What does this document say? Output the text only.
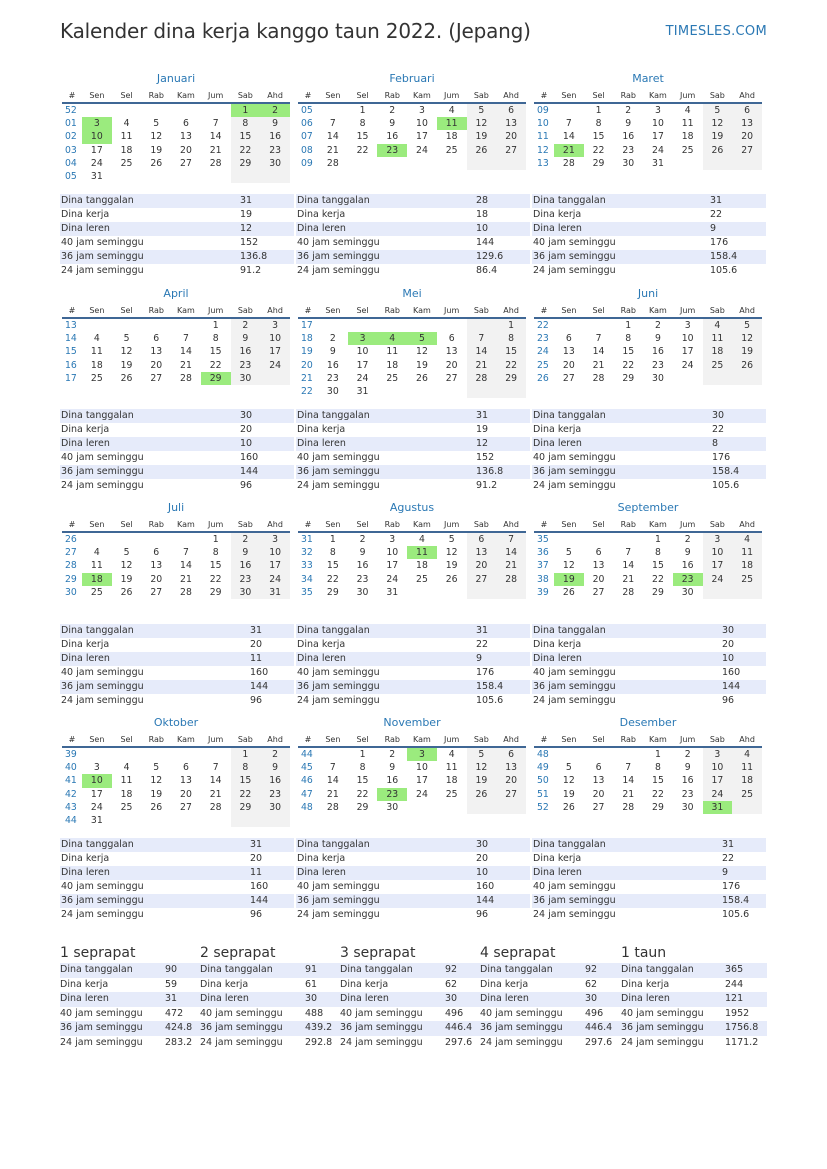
Kalender dina kerja kanggo taun 2022. (Jepang)	TIMESLES.COM
Januari
#	Sen	Sel	Rab	Kam	Jum	Sab	Ahd
52						1	2
01	3	4	5	6	7	8	9
02	10	11	12	13	14	15	16
03	17	18	19	20	21	22	23
04	24	25	26	27	28	29	30
05	31						
Dina tanggalan	31
Dina kerja	19
Dina leren	12
40 jam seminggu	152
36 jam seminggu	136.8
24 jam seminggu	91.2
Februari
#	Sen	Sel	Rab	Kam	Jum	Sab	Ahd
05		1	2	3	4	5	6
06	7	8	9	10	11	12	13
07	14	15	16	17	18	19	20
08	21	22	23	24	25	26	27
09	28						
Dina tanggalan	28
Dina kerja	18
Dina leren	10
40 jam seminggu	144
36 jam seminggu	129.6
24 jam seminggu	86.4
Maret
#	Sen	Sel	Rab	Kam	Jum	Sab	Ahd
09		1	2	3	4	5	6
10	7	8	9	10	11	12	13
11	14	15	16	17	18	19	20
12	21	22	23	24	25	26	27
13	28	29	30	31			
Dina tanggalan	31
Dina kerja	22
Dina leren	9
40 jam seminggu	176
36 jam seminggu	158.4
24 jam seminggu	105.6
April
#	Sen	Sel	Rab	Kam	Jum	Sab	Ahd
13					1	2	3
14	4	5	6	7	8	9	10
15	11	12	13	14	15	16	17
16	18	19	20	21	22	23	24
17	25	26	27	28	29	30	
Dina tanggalan	30
Dina kerja	20
Dina leren	10
40 jam seminggu	160
36 jam seminggu	144
24 jam seminggu	96
Mei
#	Sen	Sel	Rab	Kam	Jum	Sab	Ahd
17							1
18	2	3	4	5	6	7	8
19	9	10	11	12	13	14	15
20	16	17	18	19	20	21	22
21	23	24	25	26	27	28	29
22	30	31					
Dina tanggalan	31
Dina kerja	19
Dina leren	12
40 jam seminggu	152
36 jam seminggu	136.8
24 jam seminggu	91.2
Juni
#	Sen	Sel	Rab	Kam	Jum	Sab	Ahd
22			1	2	3	4	5
23	6	7	8	9	10	11	12
24	13	14	15	16	17	18	19
25	20	21	22	23	24	25	26
26	27	28	29	30			
Dina tanggalan	30
Dina kerja	22
Dina leren	8
40 jam seminggu	176
36 jam seminggu	158.4
24 jam seminggu	105.6
Juli
#	Sen	Sel	Rab	Kam	Jum	Sab	Ahd
26					1	2	3
27	4	5	6	7	8	9	10
28	11	12	13	14	15	16	17
29	18	19	20	21	22	23	24
30	25	26	27	28	29	30	31
Dina tanggalan	31
Dina kerja	20
Dina leren	11
40 jam seminggu	160
36 jam seminggu	144
24 jam seminggu	96
Agustus
#	Sen	Sel	Rab	Kam	Jum	Sab	Ahd
31	1	2	3	4	5	6	7
32	8	9	10	11	12	13	14
33	15	16	17	18	19	20	21
34	22	23	24	25	26	27	28
35	29	30	31				
Dina tanggalan	31
Dina kerja	22
Dina leren	9
40 jam seminggu	176
36 jam seminggu	158.4
24 jam seminggu	105.6
September
#	Sen	Sel	Rab	Kam	Jum	Sab	Ahd
35				1	2	3	4
36	5	6	7	8	9	10	11
37	12	13	14	15	16	17	18
38	19	20	21	22	23	24	25
39	26	27	28	29	30		
Dina tanggalan	30
Dina kerja	20
Dina leren	10
40 jam seminggu	160
36 jam seminggu	144
24 jam seminggu	96
Oktober
#	Sen	Sel	Rab	Kam	Jum	Sab	Ahd
39						1	2
40	3	4	5	6	7	8	9
41	10	11	12	13	14	15	16
42	17	18	19	20	21	22	23
43	24	25	26	27	28	29	30
44	31						
Dina tanggalan	31
Dina kerja	20
Dina leren	11
40 jam seminggu	160
36 jam seminggu	144
24 jam seminggu	96
November
#	Sen	Sel	Rab	Kam	Jum	Sab	Ahd
44		1	2	3	4	5	6
45	7	8	9	10	11	12	13
46	14	15	16	17	18	19	20
47	21	22	23	24	25	26	27
48	28	29	30				
Dina tanggalan	30
Dina kerja	20
Dina leren	10
40 jam seminggu	160
36 jam seminggu	144
24 jam seminggu	96
Desember
#	Sen	Sel	Rab	Kam	Jum	Sab	Ahd
48				1	2	3	4
49	5	6	7	8	9	10	11
50	12	13	14	15	16	17	18
51	19	20	21	22	23	24	25
52	26	27	28	29	30	31	
Dina tanggalan	31
Dina kerja	22
Dina leren	9
40 jam seminggu	176
36 jam seminggu	158.4
24 jam seminggu	105.6
1 seprapat
Dina tanggalan	90
Dina kerja	59
Dina leren	31
40 jam seminggu	472
36 jam seminggu	424.8
24 jam seminggu	283.2
2 seprapat
Dina tanggalan	91
Dina kerja	61
Dina leren	30
40 jam seminggu	488
36 jam seminggu	439.2
24 jam seminggu	292.8
3 seprapat
Dina tanggalan	92
Dina kerja	62
Dina leren	30
40 jam seminggu	496
36 jam seminggu	446.4
24 jam seminggu	297.6
4 seprapat
Dina tanggalan	92
Dina kerja	62
Dina leren	30
40 jam seminggu	496
36 jam seminggu	446.4
24 jam seminggu	297.6
1 taun
Dina tanggalan	365
Dina kerja	244
Dina leren	121
40 jam seminggu	1952
36 jam seminggu	1756.8
24 jam seminggu	1171.2
